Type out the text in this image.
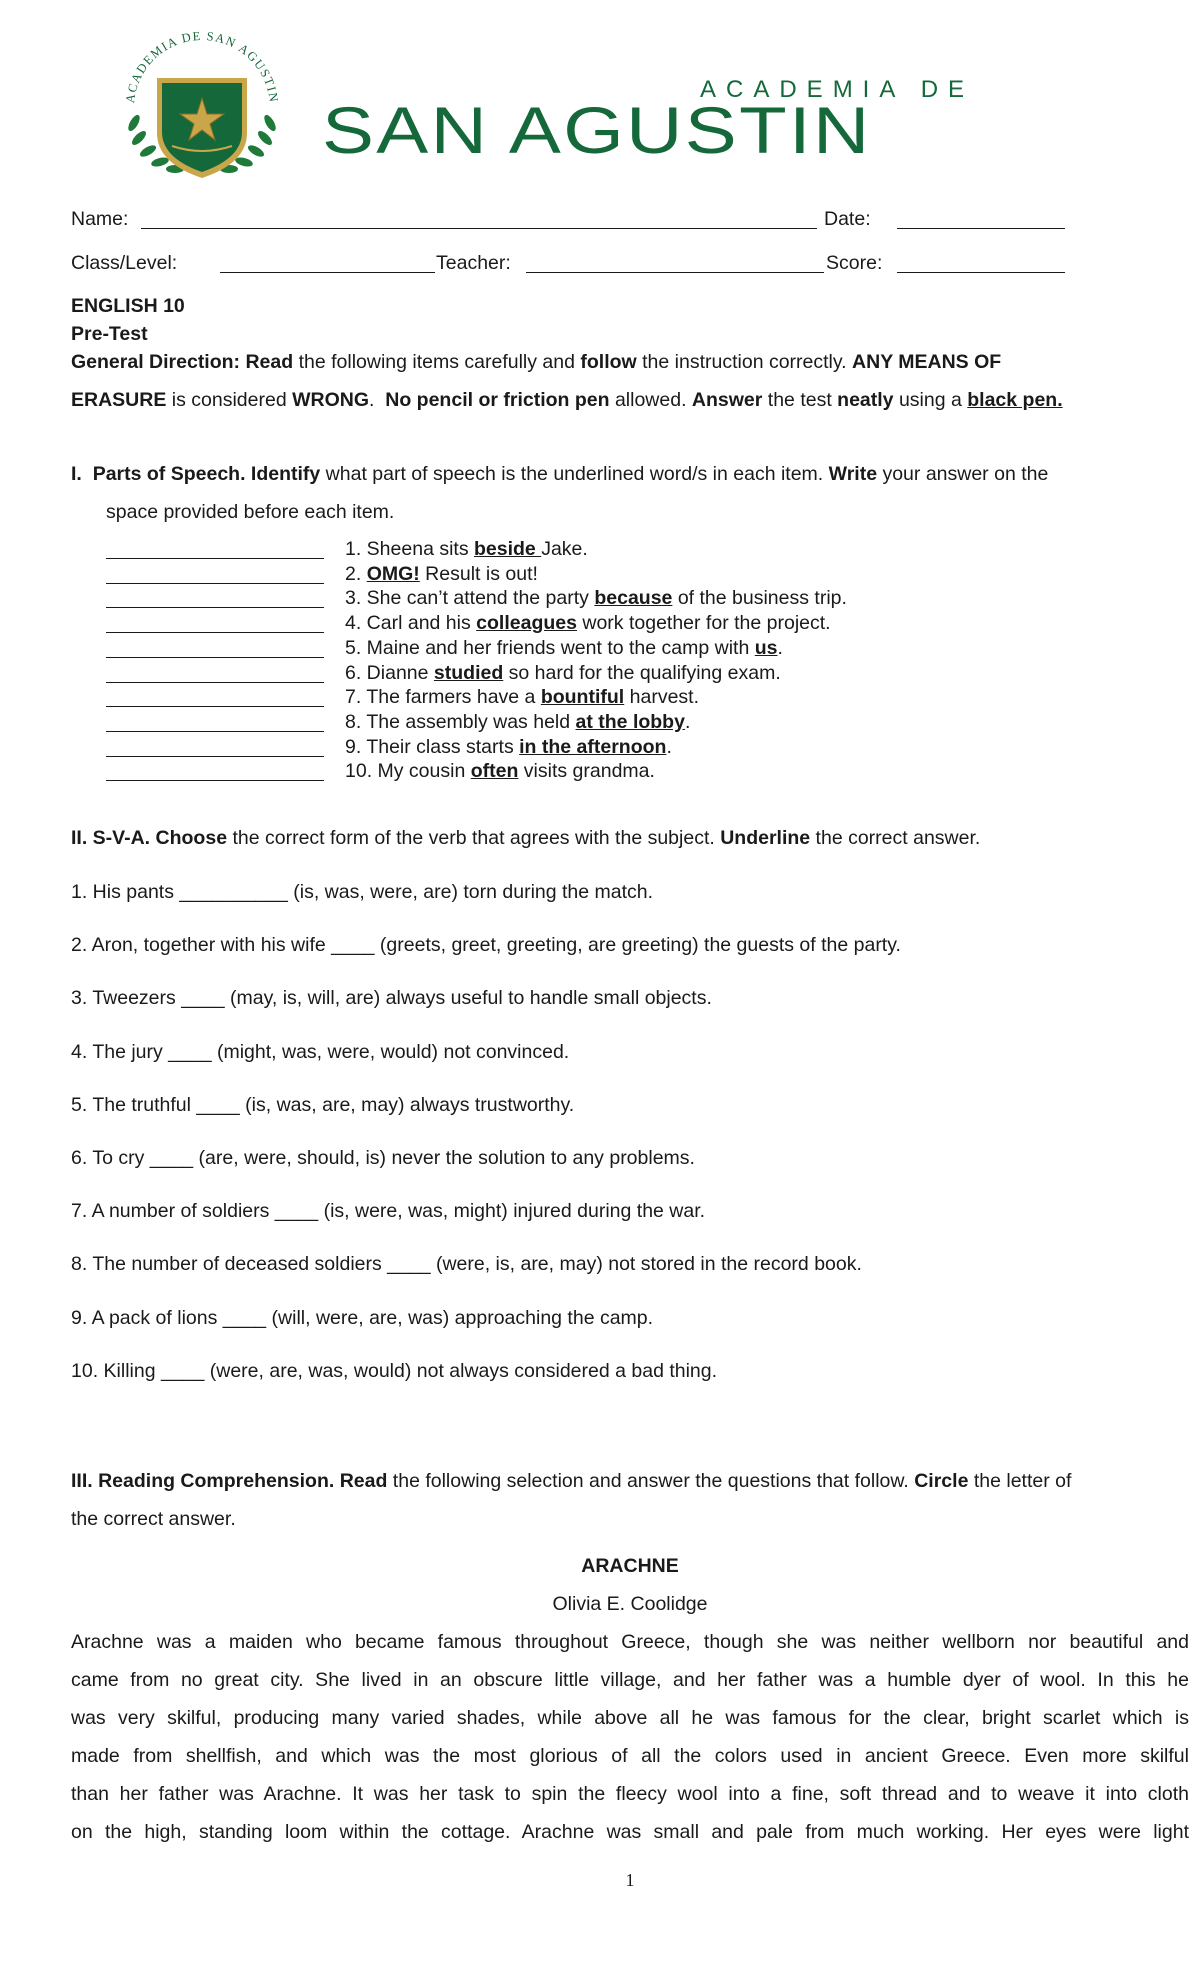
ACADEMIA DE SAN AGUSTIN	ACADEMIA DE
SAN AGUSTIN
Name:	Date:
Class/Level:	Teacher:	Score:
ENGLISH 10
Pre-Test
General Direction: Read the following items carefully and follow the instruction correctly. ANY MEANS OF
ERASURE is considered WRONG.  No pencil or friction pen allowed. Answer the test neatly using a black pen.
I. Parts of Speech. Identify what part of speech is the underlined word/s in each item. Write your answer on the
space provided before each item.
1. Sheena sits beside Jake.
2. OMG! Result is out!
3. She can’t attend the party because of the business trip.
4. Carl and his colleagues work together for the project.
5. Maine and her friends went to the camp with us.
6. Dianne studied so hard for the qualifying exam.
7. The farmers have a bountiful harvest.
8. The assembly was held at the lobby.
9. Their class starts in the afternoon.
10. My cousin often visits grandma.
II. S-V-A. Choose the correct form of the verb that agrees with the subject. Underline the correct answer.
1. His pants __________ (is, was, were, are) torn during the match.
2. Aron, together with his wife ____ (greets, greet, greeting, are greeting) the guests of the party.
3. Tweezers ____ (may, is, will, are) always useful to handle small objects.
4. The jury ____ (might, was, were, would) not convinced.
5. The truthful ____ (is, was, are, may) always trustworthy.
6. To cry ____ (are, were, should, is) never the solution to any problems.
7. A number of soldiers ____ (is, were, was, might) injured during the war.
8. The number of deceased soldiers ____ (were, is, are, may) not stored in the record book.
9. A pack of lions ____ (will, were, are, was) approaching the camp.
10. Killing ____ (were, are, was, would) not always considered a bad thing.
III. Reading Comprehension. Read the following selection and answer the questions that follow. Circle the letter of
the correct answer.
ARACHNE
Olivia E. Coolidge
Arachne was a maiden who became famous throughout Greece, though she was neither wellborn nor beautiful and
came from no great city. She lived in an obscure little village, and her father was a humble dyer of wool. In this he
was very skilful, producing many varied shades, while above all he was famous for the clear, bright scarlet which is
made from shellfish, and which was the most glorious of all the colors used in ancient Greece. Even more skilful
than her father was Arachne. It was her task to spin the fleecy wool into a fine, soft thread and to weave it into cloth
on the high, standing loom within the cottage. Arachne was small and pale from much working. Her eyes were light
1
